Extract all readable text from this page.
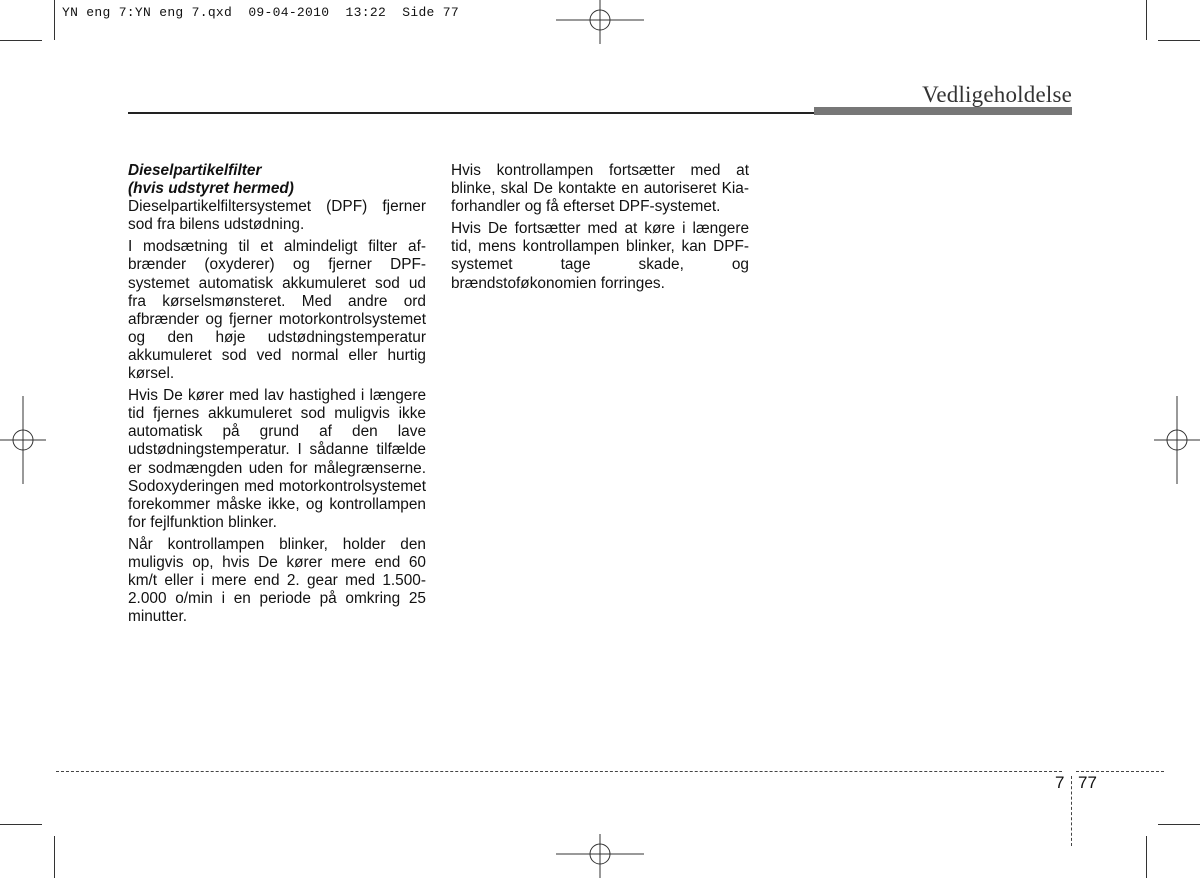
YN eng 7:YN eng 7.qxd  09-04-2010  13:22  Side 77
Vedligeholdelse

Dieselpartikelfilter

(hvis udstyret hermed)

Dieselpartikelfiltersystemet (DPF) fjerner sod fra bilens udstødning.

I modsætning til et almindeligt filter afbrænder (oxyderer) og fjerner DPF-systemet automatisk akkumuleret sod ud fra kørselsmønsteret. Med andre ord afbrænder og fjerner motorkontrolsystemet og den høje udstødningstemperatur akkumuleret sod ved normal eller hurtig kørsel.

Hvis De kører med lav hastighed i længere tid fjernes akkumuleret sod muligvis ikke automatisk på grund af den lave udstødningstemperatur. I sådanne tilfælde er sodmængden uden for målegrænserne. Sodoxyderingen med motorkontrolsystemet forekommer måske ikke, og kontrollampen for fejlfunktion blinker.

Når kontrollampen blinker, holder den muligvis op, hvis De kører mere end 60 km/t eller i mere end 2. gear med 1.500-2.000 o/min i en periode på omkring 25 minutter.

Hvis kontrollampen fortsætter med at blinke, skal De kontakte en autoriseret Kia-forhandler og få efterset DPF-systemet.

Hvis De fortsætter med at køre i længere tid, mens kontrollampen blinker, kan DPF-systemet tage skade, og brændstoføkonomien forringes.

7 77
